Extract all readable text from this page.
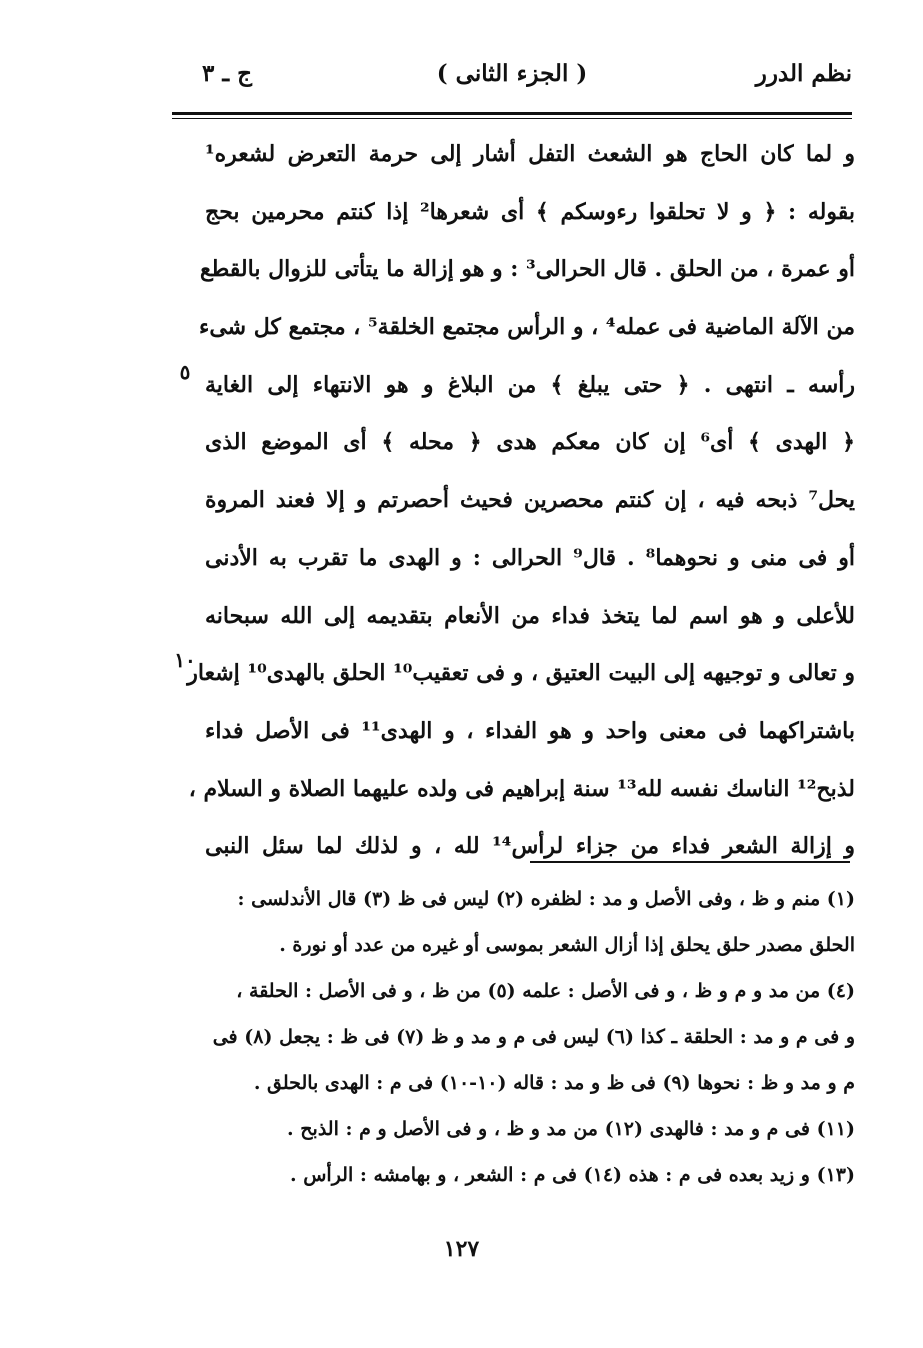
نظم الدرر
( الجزء الثانى )
ج ـ ٣
و لما كان الحاج هو الشعث التفل أشار إلى حرمة التعرض لشعره¹
بقوله : ﴿ و لا تحلقوا رءوسكم ﴾ أى شعرها² إذا كنتم محرمين بحج
أو عمرة ، من الحلق . قال الحرالى³ : و هو إزالة ما يتأتى للزوال بالقطع
من الآلة الماضية فى عمله⁴ ، و الرأس مجتمع الخلقة⁵ ، مجتمع كل شىء
رأسه ـ انتهى . ﴿ حتى يبلغ ﴾ من البلاغ و هو الانتهاء إلى الغاية
﴿ الهدى ﴾ أى⁶ إن كان معكم هدى ﴿ محله ﴾ أى الموضع الذى
يحل⁷ ذبحه فيه ، إن كنتم محصرين فحيث أحصرتم و إلا فعند المروة
أو فى منى و نحوهما⁸ . قال⁹ الحرالى : و الهدى ما تقرب به الأدنى
للأعلى و هو اسم لما يتخذ فداء من الأنعام بتقديمه إلى الله سبحانه
و تعالى و توجيهه إلى البيت العتيق ، و فى تعقيب¹⁰ الحلق بالهدى¹⁰ إشعار
باشتراكهما فى معنى واحد و هو الفداء ، و الهدى¹¹ فى الأصل فداء
لذبح¹² الناسك نفسه لله¹³ سنة إبراهيم فى ولده عليهما الصلاة و السلام ،
و إزالة الشعر فداء من جزاء لرأس¹⁴ لله ، و لذلك لما سئل النبى
٥
١٠
(١) منم و ظ ، وفى الأصل و مد : لظفره (٢) ليس فى ظ (٣) قال الأندلسى :
الحلق مصدر حلق يحلق إذا أزال الشعر بموسى أو غيره من عدد أو نورة .
(٤) من مد و م و ظ ، و فى الأصل : علمه (٥) من ظ ، و فى الأصل : الحلقة ،
و فى م و مد : الحلقة ـ كذا (٦) ليس فى م و مد و ظ (٧) فى ظ : يجعل (٨) فى
م و مد و ظ : نحوها (٩) فى ظ و مد : قاله (١٠-١٠) فى م : الهدى بالحلق .
(١١) فى م و مد : فالهدى (١٢) من مد و ظ ، و فى الأصل و م : الذبح .
(١٣) و زيد بعده فى م : هذه (١٤) فى م : الشعر ، و بهامشه : الرأس .
١٢٧
